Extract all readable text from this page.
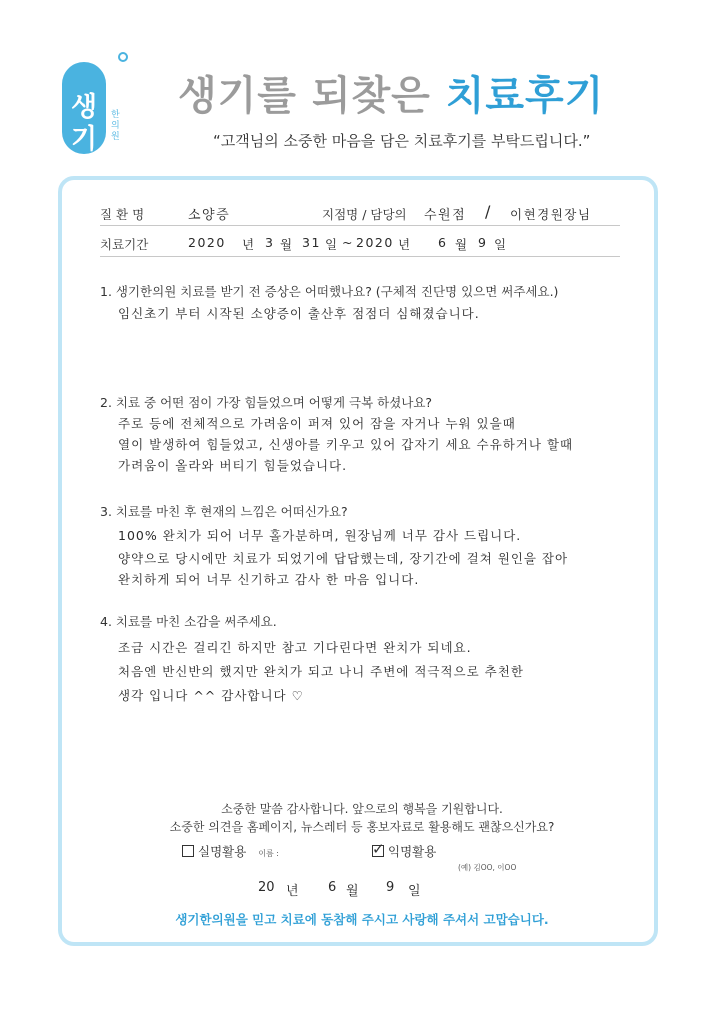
생기
한의원
생기를 되찾은 치료후기
“고객님의 소중한 마음을 담은 치료후기를 부탁드립니다.”
질 환 명	소양증	지점명 / 담당의 수원점 / 이현경원장님
치료기간	2020 년 3 월 31 일 ~ 2020 년 6 월 9 일
1. 생기한의원 치료를 받기 전 증상은 어떠했나요? (구체적 진단명 있으면 써주세요.)
임신초기 부터 시작된 소양증이 출산후 점점더 심해졌습니다.
2. 치료 중 어떤 점이 가장 힘들었으며 어떻게 극복 하셨나요?
주로 등에 전체적으로 가려움이 퍼져 있어 잠을 자거나 누워 있을때
열이 발생하여 힘들었고, 신생아를 키우고 있어 갑자기 세요 수유하거나 할때
가려움이 올라와 버티기 힘들었습니다.
3. 치료를 마친 후 현재의 느낌은 어떠신가요?
100% 완치가 되어 너무 홀가분하며, 원장님께 너무 감사 드립니다.
양약으로 당시에만 치료가 되었기에 답답했는데, 장기간에 걸쳐 원인을 잡아
완치하게 되어 너무 신기하고 감사 한 마음 입니다.
4. 치료를 마친 소감을 써주세요.
조금 시간은 걸리긴 하지만 참고 기다린다면 완치가 되네요.
처음엔 반신반의 했지만 완치가 되고 나니 주변에 적극적으로 추천한
생각 입니다 ^^ 감사합니다 ♡
소중한 말씀 감사합니다. 앞으로의 행복을 기원합니다.
소중한 의견을 홈페이지, 뉴스레터 등 홍보자료로 활용해도 괜찮으신가요?
실명활용 이름 :	✓ 익명활용
(예) 김OO, 이OO
20 년 6 월 9 일
생기한의원을 믿고 치료에 동참해 주시고 사랑해 주셔서 고맙습니다.
